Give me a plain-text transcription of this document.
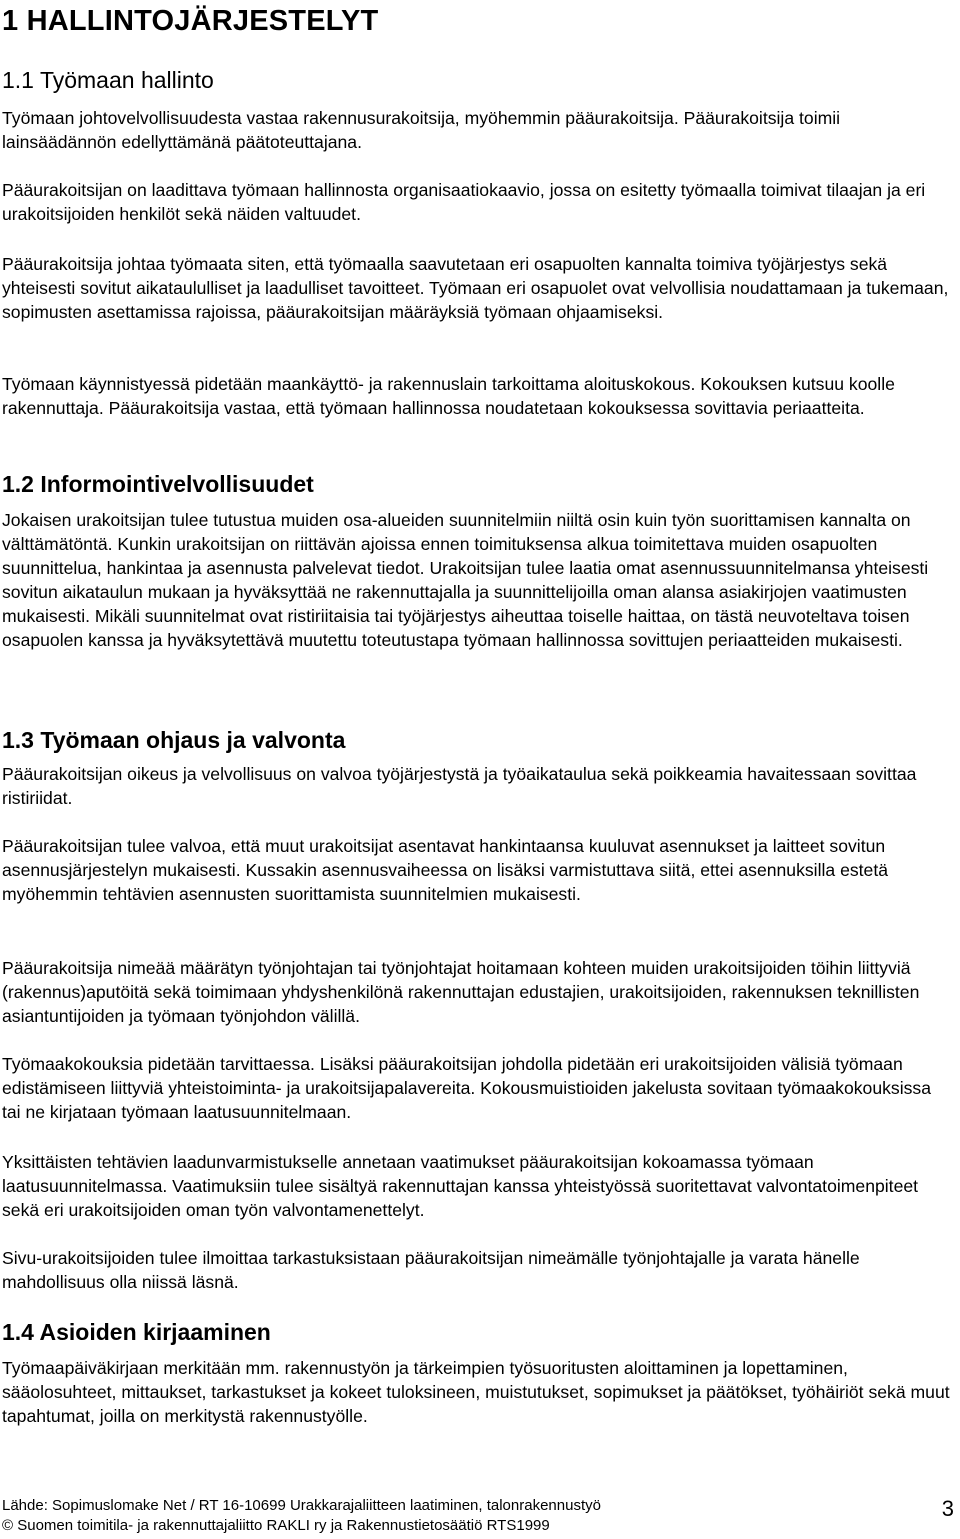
1 HALLINTOJÄRJESTELYT
1.1 Työmaan hallinto

Työmaan johtovelvollisuudesta vastaa rakennusurakoitsija, myöhemmin pääurakoitsija. Pääurakoitsija toimii lainsäädännön edellyttämänä päätoteuttajana.

Pääurakoitsijan on laadittava työmaan hallinnosta organisaatiokaavio, jossa on esitetty työmaalla toimivat tilaajan ja eri urakoitsijoiden henkilöt sekä näiden valtuudet.

Pääurakoitsija johtaa työmaata siten, että työmaalla saavutetaan eri osapuolten kannalta toimiva työjärjestys sekä yhteisesti sovitut aikataululliset ja laadulliset tavoitteet. Työmaan eri osapuolet ovat velvollisia noudattamaan ja tukemaan, sopimusten asettamissa rajoissa, pääurakoitsijan määräyksiä työmaan ohjaamiseksi.

Työmaan käynnistyessä pidetään maankäyttö- ja rakennuslain tarkoittama aloituskokous. Kokouksen kutsuu koolle rakennuttaja. Pääurakoitsija vastaa, että työmaan hallinnossa noudatetaan kokouksessa sovittavia periaatteita.

1.2 Informointivelvollisuudet

Jokaisen urakoitsijan tulee tutustua muiden osa-alueiden suunnitelmiin niiltä osin kuin työn suorittamisen kannalta on välttämätöntä. Kunkin urakoitsijan on riittävän ajoissa ennen toimituksensa alkua toimitettava muiden osapuolten suunnittelua, hankintaa ja asennusta palvelevat tiedot. Urakoitsijan tulee laatia omat asennussuunnitelmansa yhteisesti sovitun aikataulun mukaan ja hyväksyttää ne rakennuttajalla ja suunnittelijoilla oman alansa asiakirjojen vaatimusten mukaisesti. Mikäli suunnitelmat ovat ristiriitaisia tai työjärjestys aiheuttaa toiselle haittaa, on tästä neuvoteltava toisen osapuolen kanssa ja hyväksytettävä muutettu toteutustapa työmaan hallinnossa sovittujen periaatteiden mukaisesti.

1.3 Työmaan ohjaus ja valvonta

Pääurakoitsijan oikeus ja velvollisuus on valvoa työjärjestystä ja työaikataulua sekä poikkeamia havaitessaan sovittaa ristiriidat.

Pääurakoitsijan tulee valvoa, että muut urakoitsijat asentavat hankintaansa kuuluvat asennukset ja laitteet sovitun asennusjärjestelyn mukaisesti. Kussakin asennusvaiheessa on lisäksi varmistuttava siitä, ettei asennuksilla estetä myöhemmin tehtävien asennusten suorittamista suunnitelmien mukaisesti.

Pääurakoitsija nimeää määrätyn työnjohtajan tai työnjohtajat hoitamaan kohteen muiden urakoitsijoiden töihin liittyviä (rakennus)aputöitä sekä toimimaan yhdyshenkilönä rakennuttajan edustajien, urakoitsijoiden, rakennuksen teknillisten asiantuntijoiden ja työmaan työnjohdon välillä.

Työmaakokouksia pidetään tarvittaessa. Lisäksi pääurakoitsijan johdolla pidetään eri urakoitsijoiden välisiä työmaan edistämiseen liittyviä yhteistoiminta- ja urakoitsijapalavereita. Kokousmuistioiden jakelusta sovitaan työmaakokouksissa tai ne kirjataan työmaan laatusuunnitelmaan.

Yksittäisten tehtävien laadunvarmistukselle annetaan vaatimukset pääurakoitsijan kokoamassa työmaan laatusuunnitelmassa. Vaatimuksiin tulee sisältyä rakennuttajan kanssa yhteistyössä suoritettavat valvontatoimenpiteet sekä eri urakoitsijoiden oman työn valvontamenettelyt.

Sivu-urakoitsijoiden tulee ilmoittaa tarkastuksistaan pääurakoitsijan nimeämälle työnjohtajalle ja varata hänelle mahdollisuus olla niissä läsnä.

1.4 Asioiden kirjaaminen

Työmaapäiväkirjaan merkitään mm. rakennustyön ja tärkeimpien työsuoritusten aloittaminen ja lopettaminen, sääolosuhteet, mittaukset, tarkastukset ja kokeet tuloksineen, muistutukset, sopimukset ja päätökset, työhäiriöt sekä muut tapahtumat, joilla on merkitystä rakennustyölle.

Lähde: Sopimuslomake Net / RT 16-10699 Urakkarajaliitteen laatiminen, talonrakennustyö

© Suomen toimitila- ja rakennuttajaliitto RAKLI ry ja Rakennustietosäätiö RTS1999

3
